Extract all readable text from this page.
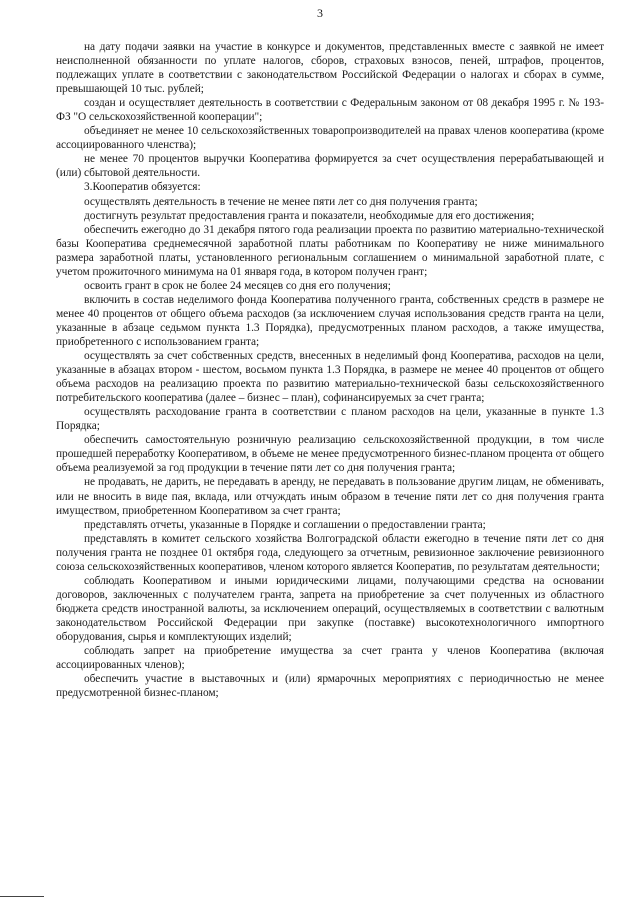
3

на дату подачи заявки на участие в конкурсе и документов, представленных вместе с заявкой не имеет неисполненной обязанности по уплате налогов, сборов, страховых взносов, пеней, штрафов, процентов, подлежащих уплате в соответствии с законодательством Российской Федерации о налогах и сборах в сумме, превышающей 10 тыс. рублей;

создан и осуществляет деятельность в соответствии с Федеральным законом от 08 декабря 1995 г. № 193-ФЗ "О сельскохозяйственной кооперации";

объединяет не менее 10 сельскохозяйственных товаропроизводителей на правах членов кооператива (кроме ассоциированного членства);

не менее 70 процентов выручки Кооператива формируется за счет осуществления перерабатывающей и (или) сбытовой деятельности.

3.Кооператив обязуется:

осуществлять деятельность в течение не менее пяти лет со дня получения гранта;

достигнуть результат предоставления гранта и показатели, необходимые для его достижения;

обеспечить ежегодно до 31 декабря пятого года реализации проекта по развитию материально-технической базы Кооператива среднемесячной заработной платы работникам по Кооперативу не ниже минимального размера заработной платы, установленного региональным соглашением о минимальной заработной плате, с учетом прожиточного минимума на 01 января года, в котором получен грант;

освоить грант в срок не более 24 месяцев со дня его получения;

включить в состав неделимого фонда Кооператива полученного гранта, собственных средств в размере не менее 40 процентов от общего объема расходов (за исключением случая использования средств гранта на цели, указанные в абзаце седьмом пункта 1.3 Порядка), предусмотренных планом расходов, а также имущества, приобретенного с использованием гранта;

осуществлять за счет собственных средств, внесенных в неделимый фонд Кооператива, расходов на цели, указанные в абзацах втором - шестом, восьмом пункта 1.3 Порядка, в размере не менее 40 процентов от общего объема расходов на реализацию проекта по развитию материально-технической базы сельскохозяйственного потребительского кооператива (далее – бизнес – план), софинансируемых за счет гранта;

осуществлять расходование гранта в соответствии с планом расходов на цели, указанные в пункте 1.3 Порядка;

обеспечить самостоятельную розничную реализацию сельскохозяйственной продукции, в том числе прошедшей переработку Кооперативом, в объеме не менее предусмотренного бизнес-планом процента от общего объема реализуемой за год продукции в течение пяти лет со дня получения гранта;

не продавать, не дарить, не передавать в аренду, не передавать в пользование другим лицам, не обменивать, или не вносить в виде пая, вклада, или отчуждать иным образом в течение пяти лет со дня получения гранта имуществом, приобретенном Кооперативом за счет гранта;

представлять отчеты, указанные в Порядке и соглашении о предоставлении гранта;

представлять в комитет сельского хозяйства Волгоградской области ежегодно в течение пяти лет со дня получения гранта не позднее 01 октября года, следующего за отчетным, ревизионное заключение ревизионного союза сельскохозяйственных кооперативов, членом которого является Кооператив, по результатам деятельности;

соблюдать Кооперативом и иными юридическими лицами, получающими средства на основании договоров, заключенных с получателем гранта, запрета на приобретение за счет полученных из областного бюджета средств иностранной валюты, за исключением операций, осуществляемых в соответствии с валютным законодательством Российской Федерации при закупке (поставке) высокотехнологичного импортного оборудования, сырья и комплектующих изделий;

соблюдать запрет на приобретение имущества за счет гранта у членов Кооператива (включая ассоциированных членов);

обеспечить участие в выставочных и (или) ярмарочных мероприятиях с периодичностью не менее предусмотренной бизнес-планом;
